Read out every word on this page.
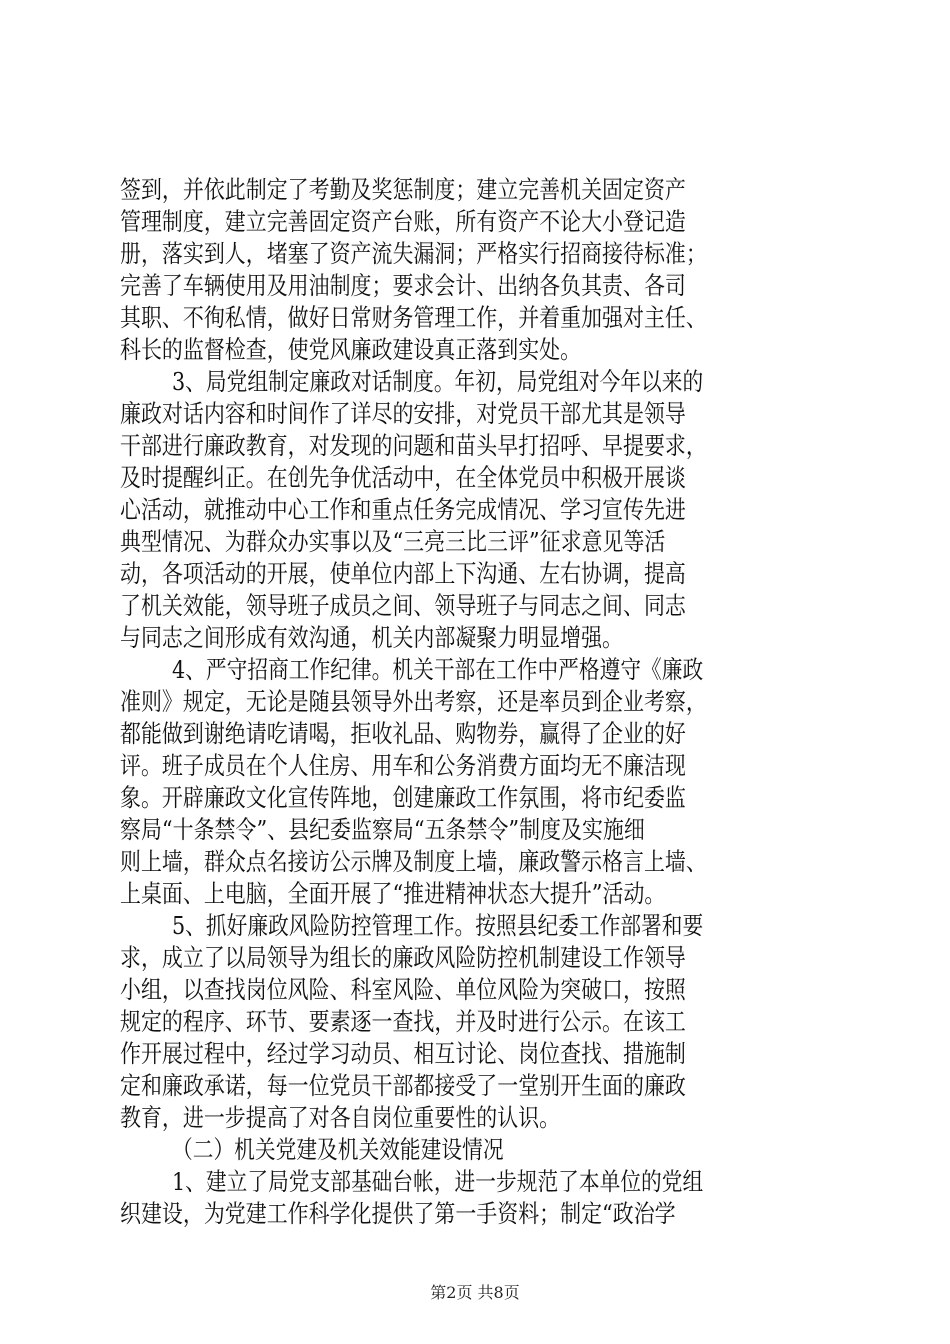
签到，并依此制定了考勤及奖惩制度；建立完善机关固定资产
管理制度，建立完善固定资产台账，所有资产不论大小登记造
册，落实到人，堵塞了资产流失漏洞；严格实行招商接待标准；
完善了车辆使用及用油制度；要求会计、出纳各负其责、各司
其职、不徇私情，做好日常财务管理工作，并着重加强对主任、
科长的监督检查，使党风廉政建设真正落到实处。
3、局党组制定廉政对话制度。年初，局党组对今年以来的
廉政对话内容和时间作了详尽的安排，对党员干部尤其是领导
干部进行廉政教育，对发现的问题和苗头早打招呼、早提要求，
及时提醒纠正。在创先争优活动中，在全体党员中积极开展谈
心活动，就推动中心工作和重点任务完成情况、学习宣传先进
典型情况、为群众办实事以及“三亮三比三评”征求意见等活
动，各项活动的开展，使单位内部上下沟通、左右协调，提高
了机关效能，领导班子成员之间、领导班子与同志之间、同志
与同志之间形成有效沟通，机关内部凝聚力明显增强。
4、严守招商工作纪律。机关干部在工作中严格遵守《廉政
准则》规定，无论是随县领导外出考察，还是率员到企业考察，
都能做到谢绝请吃请喝，拒收礼品、购物券，赢得了企业的好
评。班子成员在个人住房、用车和公务消费方面均无不廉洁现
象。开辟廉政文化宣传阵地，创建廉政工作氛围，将市纪委监
察局“十条禁令”、县纪委监察局“五条禁令”制度及实施细
则上墙，群众点名接访公示牌及制度上墙，廉政警示格言上墙、
上桌面、上电脑，全面开展了“推进精神状态大提升”活动。
5、抓好廉政风险防控管理工作。按照县纪委工作部署和要
求，成立了以局领导为组长的廉政风险防控机制建设工作领导
小组，以查找岗位风险、科室风险、单位风险为突破口，按照
规定的程序、环节、要素逐一查找，并及时进行公示。在该工
作开展过程中，经过学习动员、相互讨论、岗位查找、措施制
定和廉政承诺，每一位党员干部都接受了一堂别开生面的廉政
教育，进一步提高了对各自岗位重要性的认识。
（二）机关党建及机关效能建设情况
1、建立了局党支部基础台帐，进一步规范了本单位的党组
织建设，为党建工作科学化提供了第一手资料；制定“政治学
第2页 共8页
